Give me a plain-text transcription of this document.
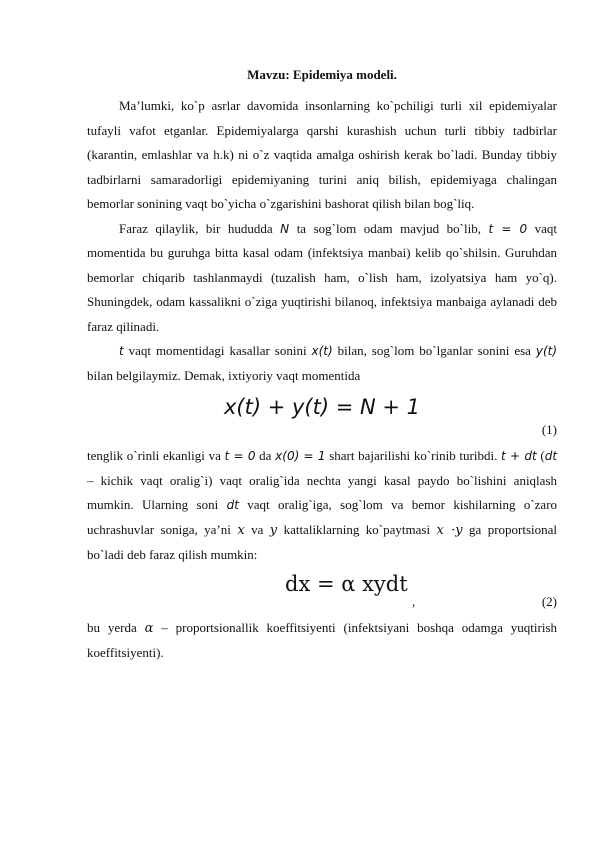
Mavzu: Epidemiya modeli.

Ma’lumki, ko`p asrlar davomida insonlarning ko`pchiligi turli xil epidemiyalar tufayli vafot etganlar. Epidemiyalarga qarshi kurashish uchun turli tibbiy tadbirlar (karantin, emlashlar va h.k) ni o`z vaqtida amalga oshirish kerak bo`ladi. Bunday tibbiy tadbirlarni samaradorligi epidemiyaning turini aniq bilish, epidemiyaga chalingan bemorlar sonining vaqt bo`yicha o`zgarishini bashorat qilish bilan bog`liq.

Faraz qilaylik, bir hududda N ta sog`lom odam mavjud bo`lib, t = 0 vaqt momentida bu guruhga bitta kasal odam (infektsiya manbai) kelib qo`shilsin. Guruhdan bemorlar chiqarib tashlanmaydi (tuzalish ham, o`lish ham, izolyatsiya ham yo`q). Shuningdek, odam kassalikni o`ziga yuqtirishi bilanoq, infektsiya manbaiga aylanadi deb faraz qilinadi.

t vaqt momentidagi kasallar sonini x(t) bilan, sog`lom bo`lganlar sonini esa y(t) bilan belgilaymiz. Demak, ixtiyoriy vaqt momentida

x(t) + y(t) = N + 1
(1)

tenglik o`rinli ekanligi va t = 0 da x(0) = 1 shart bajarilishi ko`rinib turibdi. t + dt (dt – kichik vaqt oralig`i) vaqt oralig`ida nechta yangi kasal paydo bo`lishini aniqlash mumkin. Ularning soni dt vaqt oralig`iga, sog`lom va bemor kishilarning o`zaro uchrashuvlar soniga, ya’ni x va y kattaliklarning ko`paytmasi x ·y ga proportsional bo`ladi deb faraz qilish mumkin:

dx = α xydt
,	(2)

bu yerda α – proportsionallik koeffitsiyenti (infektsiyani boshqa odamga yuqtirish koeffitsiyenti).
